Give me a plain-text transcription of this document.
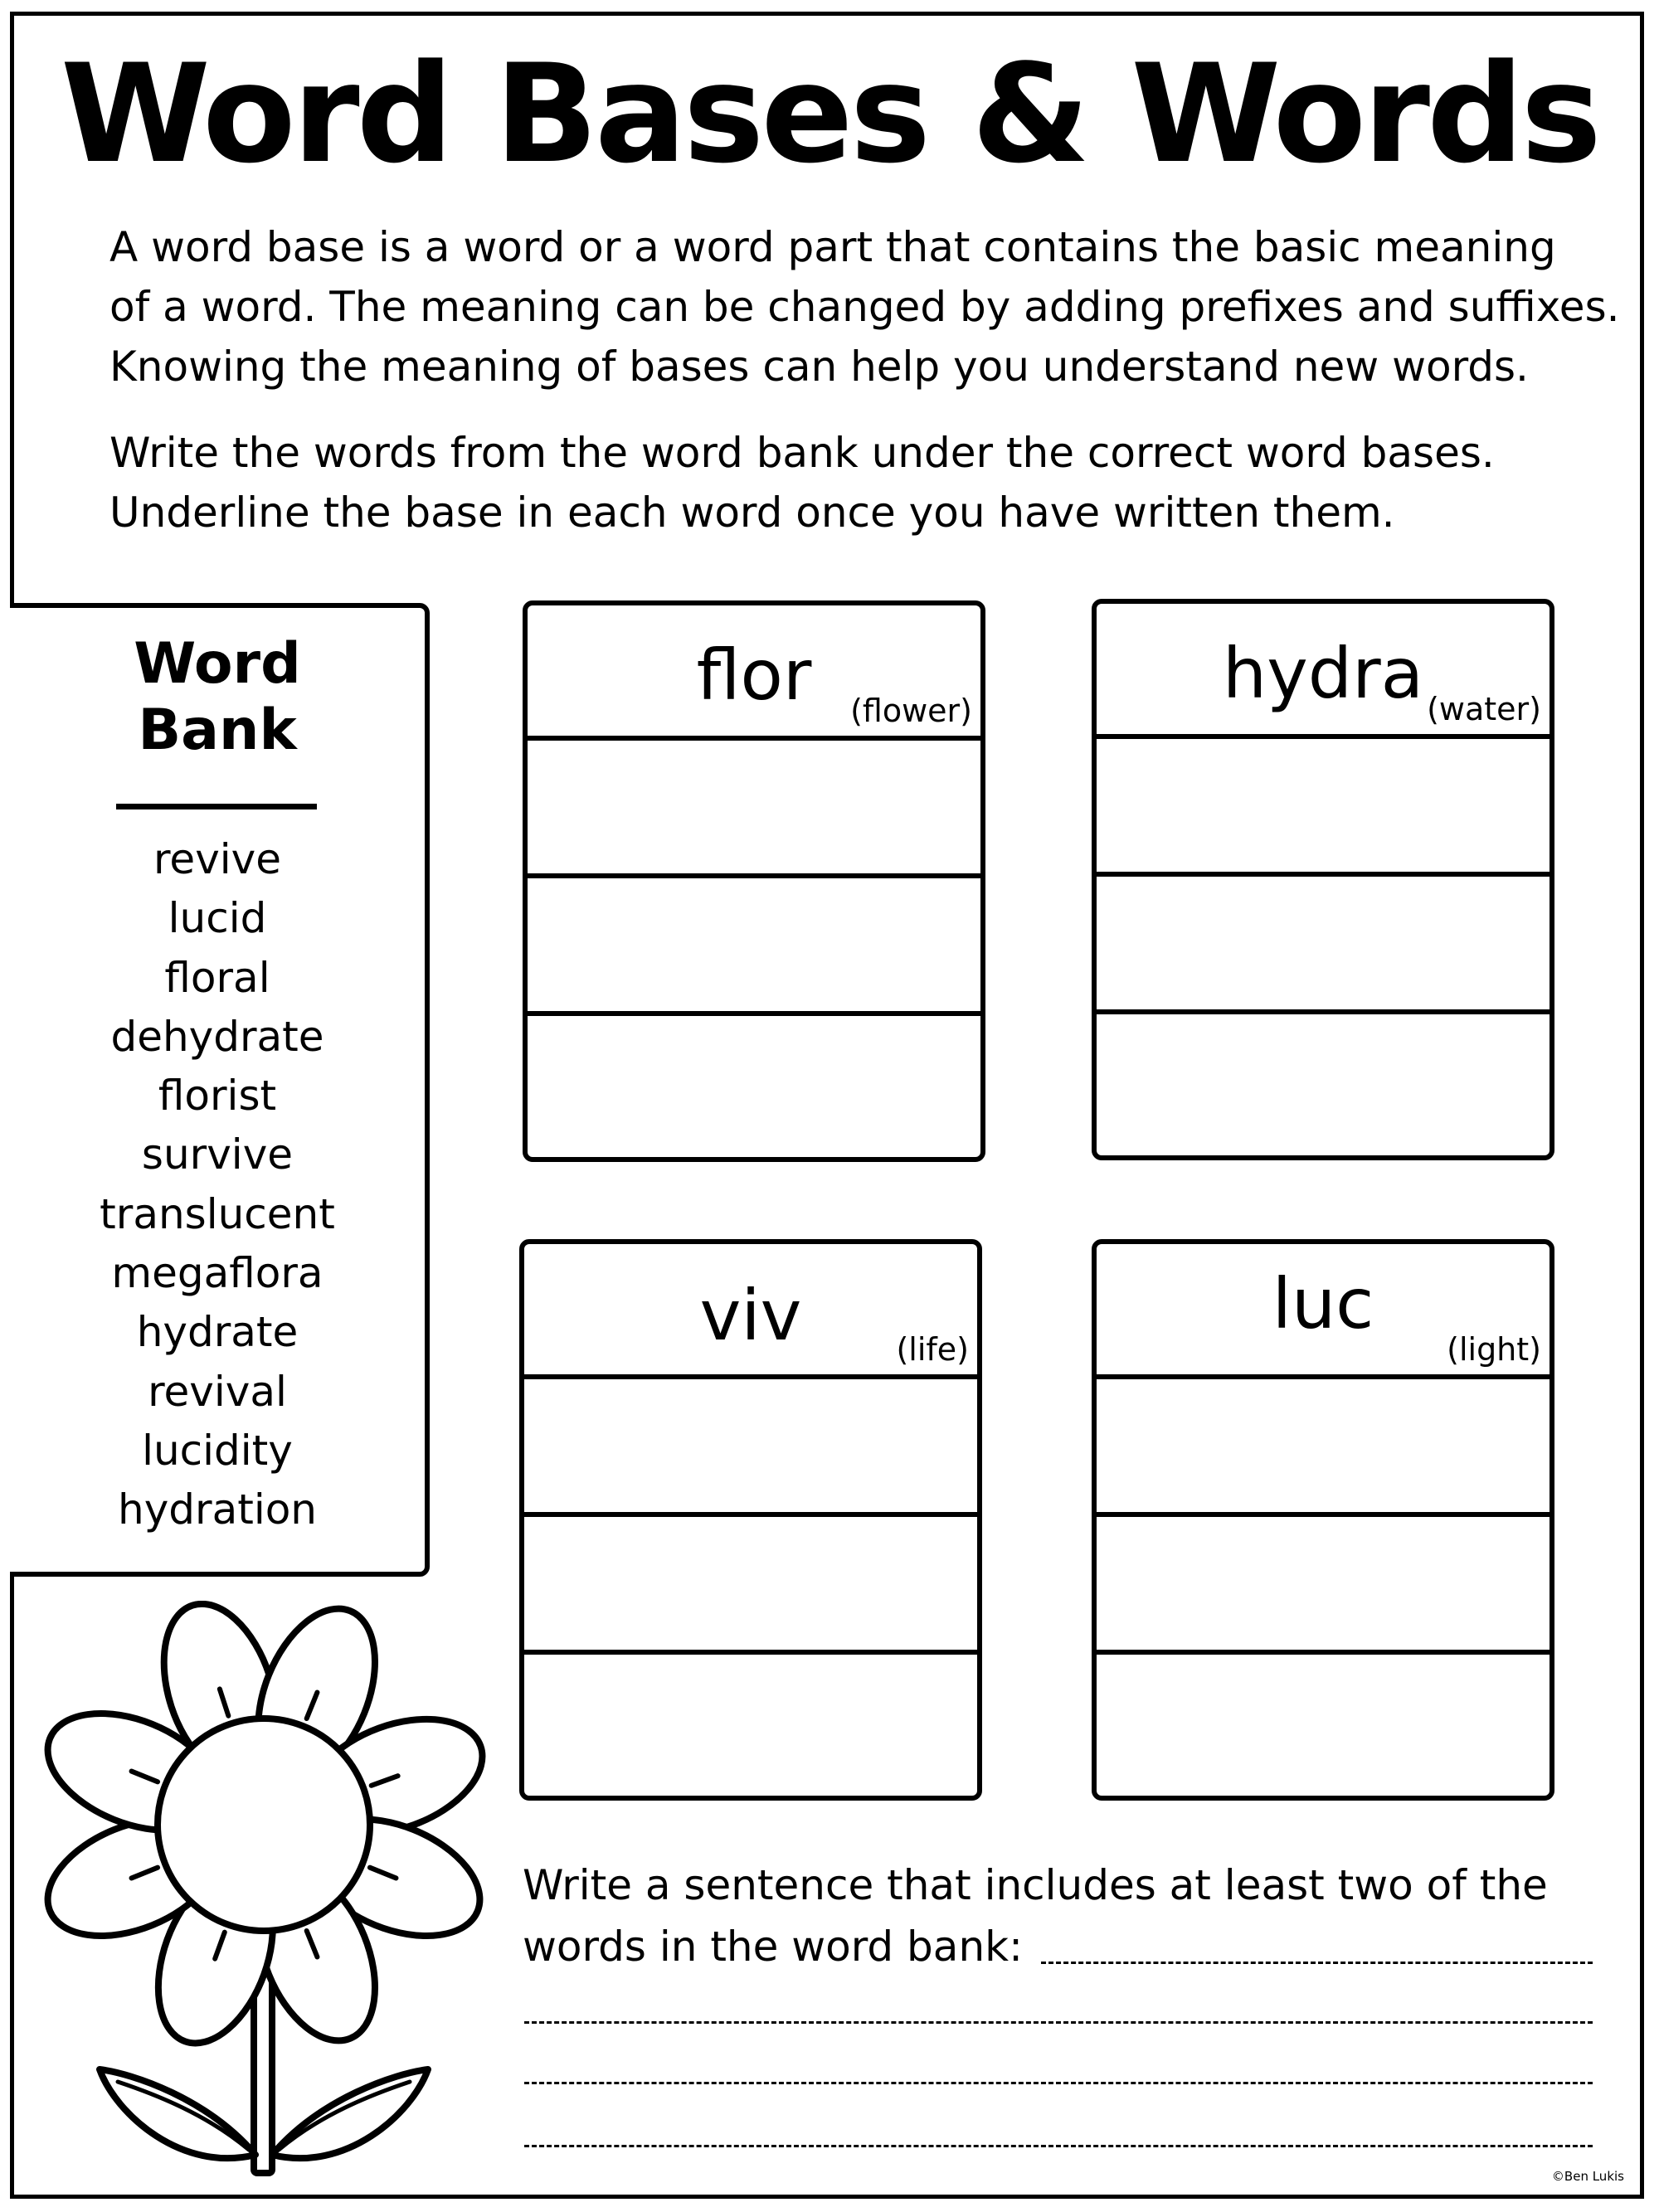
Word Bases & Words
A word base is a word or a word part that contains the basic meaning
of a word. The meaning can be changed by adding prefixes and suffixes.
Knowing the meaning of bases can help you understand new words.
Write the words from the word bank under the correct word bases.
Underline the base in each word once you have written them.
Word
Bank
revive
lucid
floral
dehydrate
florist
survive
translucent
megaflora
hydrate
revival
lucidity
hydration
flor	(flower)	hydra (water)
viv	(life)
luc
(light)
Write a sentence that includes at least two of the
words in the word bank:
©Ben Lukis
